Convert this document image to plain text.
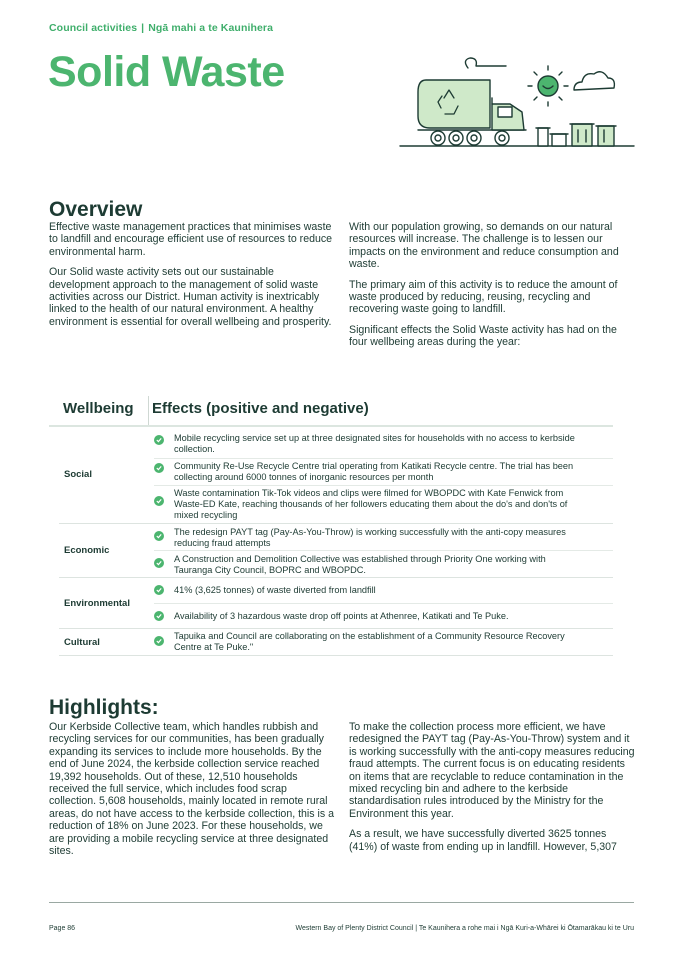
Council activities | Ngā mahi a te Kaunihera
Solid Waste
Overview

Effective waste management practices that minimises waste to landfill and encourage efficient use of resources to reduce environmental harm.

Our Solid waste activity sets out our sustainable development approach to the management of solid waste activities across our District. Human activity is inextricably linked to the health of our natural environment. A healthy environment is essential for overall wellbeing and prosperity.

With our population growing, so demands on our natural resources will increase. The challenge is to lessen our impacts on the environment and reduce consumption and waste.

The primary aim of this activity is to reduce the amount of waste produced by reducing, reusing, recycling and recovering waste going to landfill.

Significant effects the Solid Waste activity has had on the four wellbeing areas during the year:

Wellbeing Effects (positive and negative)
Social
Mobile recycling service set up at three designated sites for households with no access to kerbside collection.
Community Re-Use Recycle Centre trial operating from Katikati Recycle centre. The trial has been collecting around 6000 tonnes of inorganic resources per month
Waste contamination Tik-Tok videos and clips were filmed for WBOPDC with Kate Fenwick from Waste-ED Kate, reaching thousands of her followers educating them about the do's and don'ts of mixed recycling
Economic
The redesign PAYT tag (Pay-As-You-Throw) is working successfully with the anti-copy measures reducing fraud attempts
A Construction and Demolition Collective was established through Priority One working with Tauranga City Council, BOPRC and WBOPDC.
Environmental
41% (3,625 tonnes) of waste diverted from landfill
Availability of 3 hazardous waste drop off points at Athenree, Katikati and Te Puke.
Cultural
Tapuika and Council are collaborating on the establishment of a Community Resource Recovery Centre at Te Puke."
Highlights:

Our Kerbside Collective team, which handles rubbish and recycling services for our communities, has been gradually expanding its services to include more households. By the end of June 2024, the kerbside collection service reached 19,392 households. Out of these, 12,510 households received the full service, which includes food scrap collection. 5,608 households, mainly located in remote rural areas, do not have access to the kerbside collection, this is a reduction of 18% on June 2023. For these households, we are providing a mobile recycling service at three designated sites.

To make the collection process more efficient, we have redesigned the PAYT tag (Pay-As-You-Throw) system and it is working successfully with the anti-copy measures reducing fraud attempts. The current focus is on educating residents on items that are recyclable to reduce contamination in the mixed recycling bin and adhere to the kerbside standardisation rules introduced by the Ministry for the Environment this year.

As a result, we have successfully diverted 3625 tonnes (41%) of waste from ending up in landfill. However, 5,307

Page 86	Western Bay of Plenty District Council | Te Kaunihera a rohe mai i Ngā Kuri-a-Whārei ki Ōtamarākau ki te Uru
